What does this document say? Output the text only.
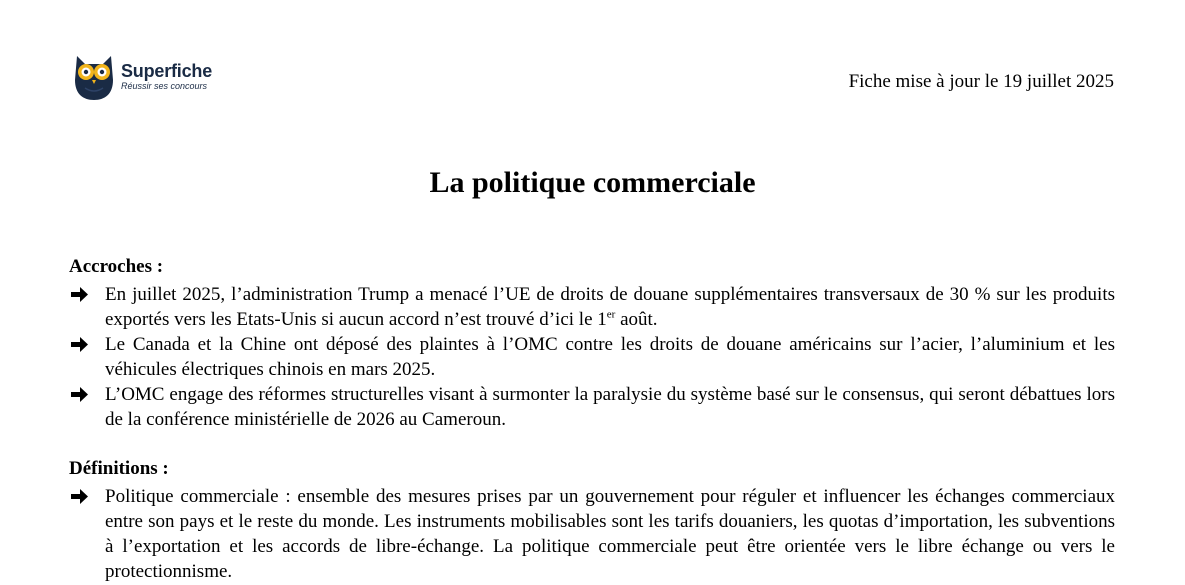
Superfiche
Réussir ses concours	Fiche mise à jour le 19 juillet 2025
La politique commerciale
Accroches :
En juillet 2025, l’administration Trump a menacé l’UE de droits de douane supplémentaires transversaux de 30 % sur les produits exportés vers les Etats-Unis si aucun accord n’est trouvé d’ici le 1er août.
Le Canada et la Chine ont déposé des plaintes à l’OMC contre les droits de douane américains sur l’acier, l’aluminium et les véhicules électriques chinois en mars 2025.
L’OMC engage des réformes structurelles visant à surmonter la paralysie du système basé sur le consensus, qui seront débattues lors de la conférence ministérielle de 2026 au Cameroun.
Définitions :
Politique commerciale : ensemble des mesures prises par un gouvernement pour réguler et influencer les échanges commerciaux entre son pays et le reste du monde. Les instruments mobilisables sont les tarifs douaniers, les quotas d’importation, les subventions à l’exportation et les accords de libre-échange. La politique commerciale peut être orientée vers le libre échange ou vers le protectionnisme.
